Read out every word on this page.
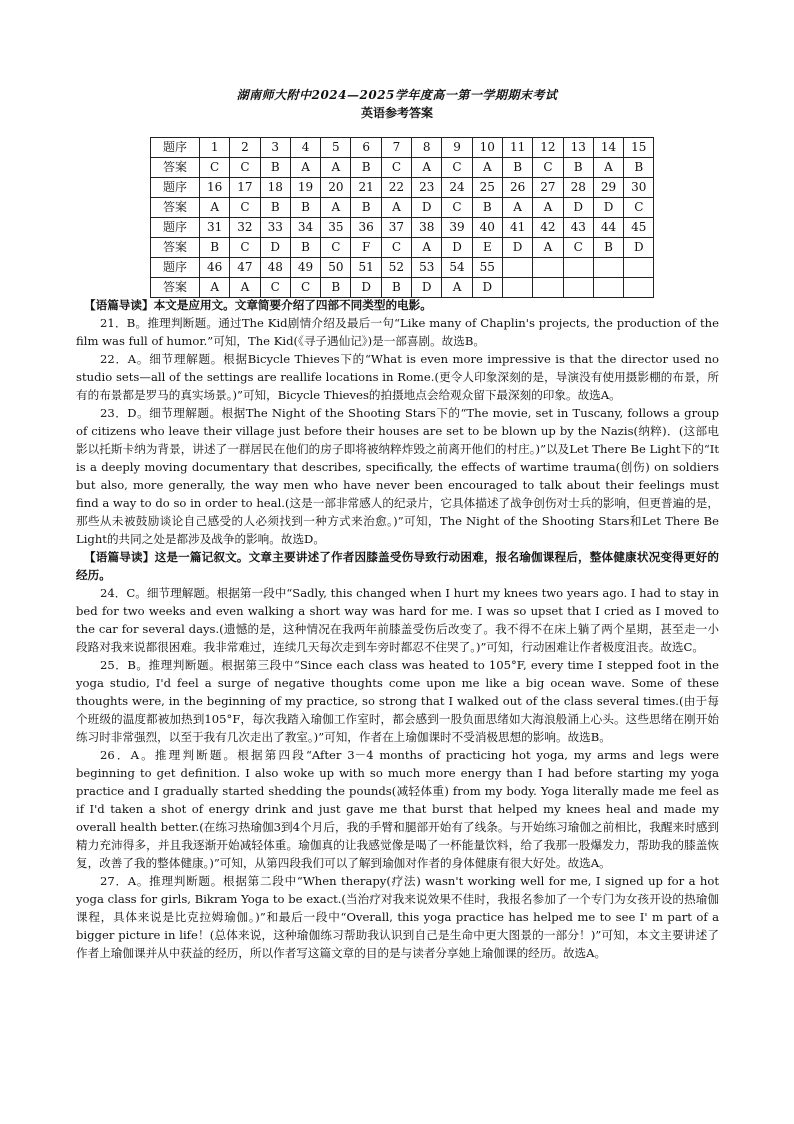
湖南师大附中2024—2025学年度高一第一学期期末考试
英语参考答案
题序	1	2	3	4	5	6	7	8	9	10	11	12	13	14	15
答案	C	C	B	A	A	B	C	A	C	A	B	C	B	A	B
题序	16	17	18	19	20	21	22	23	24	25	26	27	28	29	30
答案	A	C	B	B	A	B	A	D	C	B	A	A	D	D	C
题序	31	32	33	34	35	36	37	38	39	40	41	42	43	44	45
答案	B	C	D	B	C	F	C	A	D	E	D	A	C	B	D
题序	46	47	48	49	50	51	52	53	54	55					
答案	A	A	C	C	B	D	B	D	A	D					

【语篇导读】本文是应用文。文章简要介绍了四部不同类型的电影。

21．B。推理判断题。通过The Kid剧情介绍及最后一句“Like many of Chaplin's projects, the production of the film was full of humor.”可知，The Kid(《寻子遇仙记》)是一部喜剧。故选B。

22．A。细节理解题。根据Bicycle Thieves下的“What is even more impressive is that the director used no studio sets—all of the settings are reallife locations in Rome.(更令人印象深刻的是，导演没有使用摄影棚的布景，所有的布景都是罗马的真实场景。)”可知，Bicycle Thieves的拍摄地点会给观众留下最深刻的印象。故选A。

23．D。细节理解题。根据The Night of the Shooting Stars下的“The movie, set in Tuscany, follows a group of citizens who leave their village just before their houses are set to be blown up by the Nazis(纳粹)．(这部电影以托斯卡纳为背景，讲述了一群居民在他们的房子即将被纳粹炸毁之前离开他们的村庄。)”以及Let There Be Light下的“It is a deeply moving documentary that describes, specifically, the effects of wartime trauma(创伤) on soldiers but also, more generally, the way men who have never been encouraged to talk about their feelings must find a way to do so in order to heal.(这是一部非常感人的纪录片，它具体描述了战争创伤对士兵的影响，但更普遍的是，那些从未被鼓励谈论自己感受的人必须找到一种方式来治愈。)”可知，The Night of the Shooting Stars和Let There Be Light的共同之处是都涉及战争的影响。故选D。

【语篇导读】这是一篇记叙文。文章主要讲述了作者因膝盖受伤导致行动困难，报名瑜伽课程后，整体健康状况变得更好的经历。

24．C。细节理解题。根据第一段中“Sadly, this changed when I hurt my knees two years ago. I had to stay in bed for two weeks and even walking a short way was hard for me. I was so upset that I cried as I moved to the car for several days.(遗憾的是，这种情况在我两年前膝盖受伤后改变了。我不得不在床上躺了两个星期，甚至走一小段路对我来说都很困难。我非常难过，连续几天每次走到车旁时都忍不住哭了。)”可知，行动困难让作者极度沮丧。故选C。

25．B。推理判断题。根据第三段中“Since each class was heated to 105°F, every time I stepped foot in the yoga studio, I'd feel a surge of negative thoughts come upon me like a big ocean wave. Some of these thoughts were, in the beginning of my practice, so strong that I walked out of the class several times.(由于每个班级的温度都被加热到105°F，每次我踏入瑜伽工作室时，都会感到一股负面思绪如大海浪般涌上心头。这些思绪在刚开始练习时非常强烈，以至于我有几次走出了教室。)”可知，作者在上瑜伽课时不受消极思想的影响。故选B。

26．A。推理判断题。根据第四段“After 3－4 months of practicing hot yoga, my arms and legs were beginning to get definition. I also woke up with so much more energy than I had before starting my yoga practice and I gradually started shedding the pounds(减轻体重) from my body. Yoga literally made me feel as if I'd taken a shot of energy drink and just gave me that burst that helped my knees heal and made my overall health better.(在练习热瑜伽3到4个月后，我的手臂和腿部开始有了线条。与开始练习瑜伽之前相比，我醒来时感到精力充沛得多，并且我逐渐开始减轻体重。瑜伽真的让我感觉像是喝了一杯能量饮料，给了我那一股爆发力，帮助我的膝盖恢复，改善了我的整体健康。)”可知，从第四段我们可以了解到瑜伽对作者的身体健康有很大好处。故选A。

27．A。推理判断题。根据第二段中“When therapy(疗法) wasn't working well for me, I signed up for a hot yoga class for girls, Bikram Yoga to be exact.(当治疗对我来说效果不佳时，我报名参加了一个专门为女孩开设的热瑜伽课程，具体来说是比克拉姆瑜伽。)”和最后一段中“Overall, this yoga practice has helped me to see I' m part of a bigger picture in life！(总体来说，这种瑜伽练习帮助我认识到自己是生命中更大图景的一部分！)”可知，本文主要讲述了作者上瑜伽课并从中获益的经历，所以作者写这篇文章的目的是与读者分享她上瑜伽课的经历。故选A。
